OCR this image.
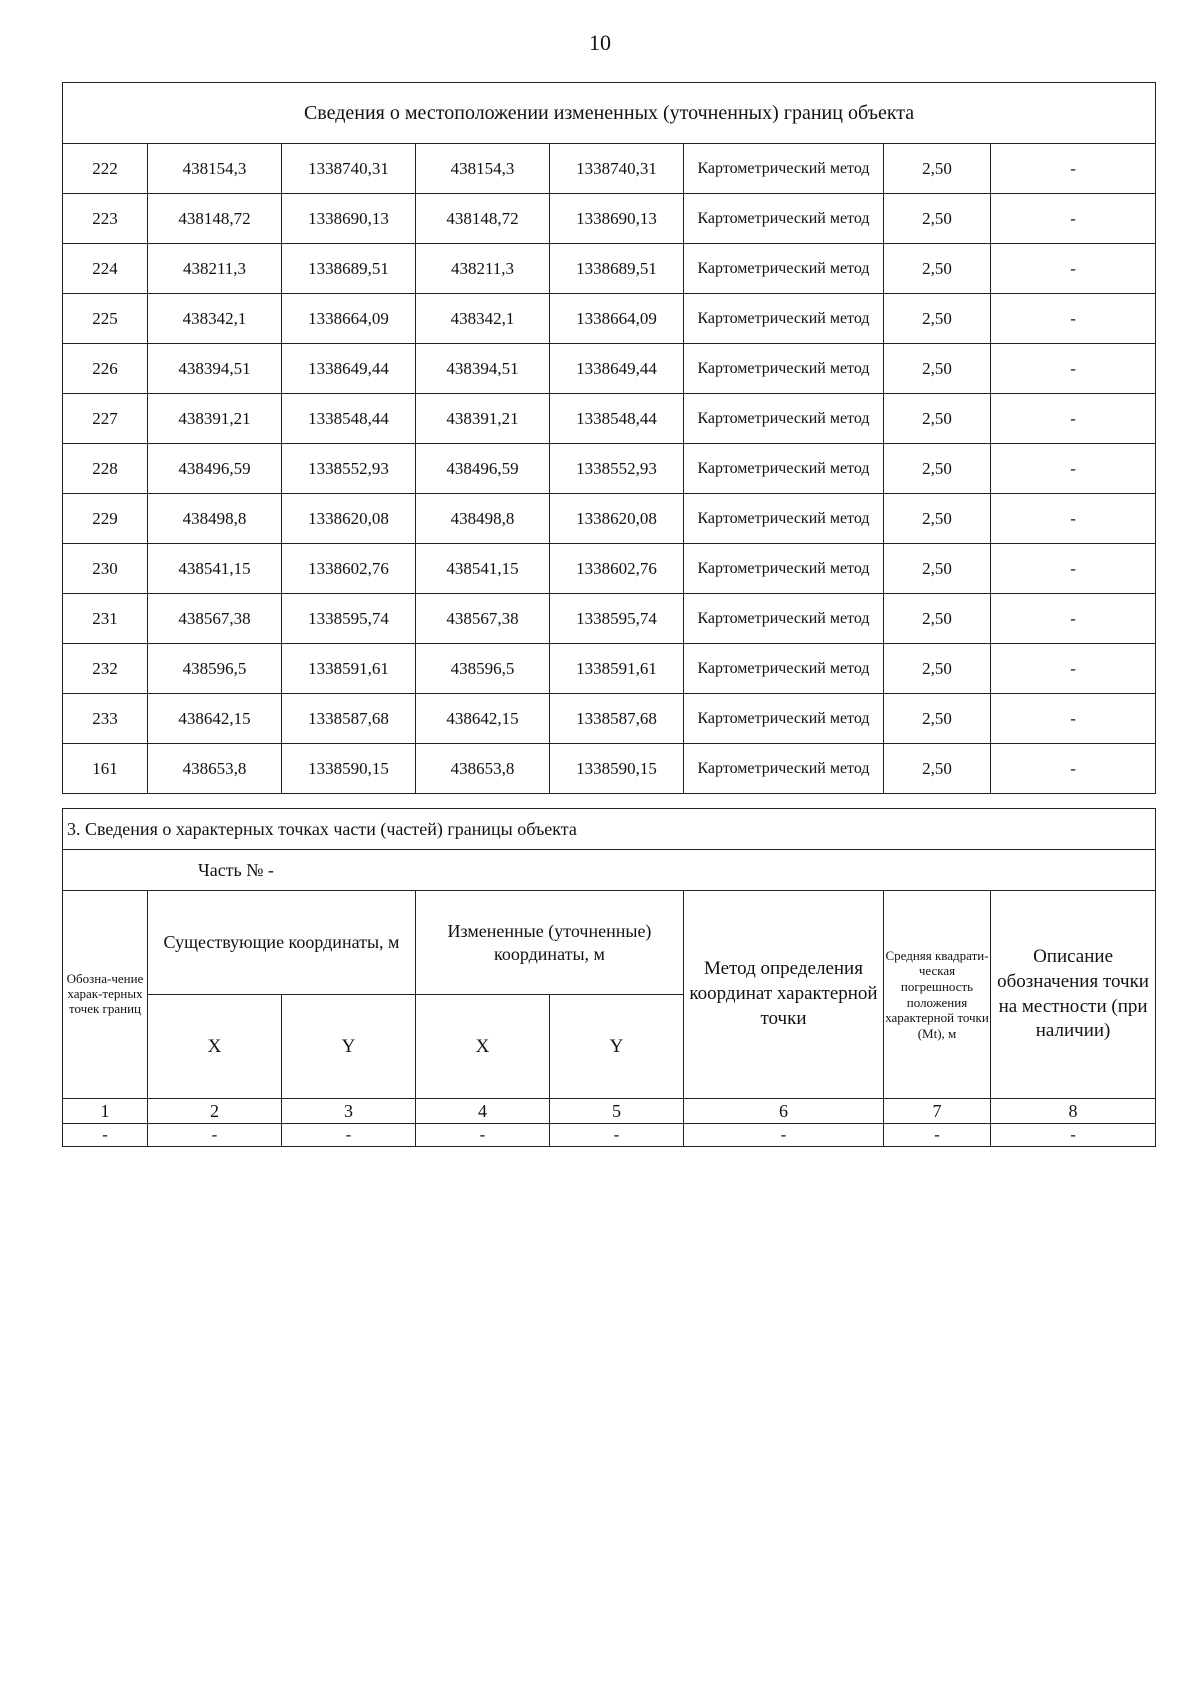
10
Сведения о местоположении измененных (уточненных) границ объекта							
222	438154,3	1338740,31	438154,3	1338740,31	Картометрический метод	2,50	-
223	438148,72	1338690,13	438148,72	1338690,13	Картометрический метод	2,50	-
224	438211,3	1338689,51	438211,3	1338689,51	Картометрический метод	2,50	-
225	438342,1	1338664,09	438342,1	1338664,09	Картометрический метод	2,50	-
226	438394,51	1338649,44	438394,51	1338649,44	Картометрический метод	2,50	-
227	438391,21	1338548,44	438391,21	1338548,44	Картометрический метод	2,50	-
228	438496,59	1338552,93	438496,59	1338552,93	Картометрический метод	2,50	-
229	438498,8	1338620,08	438498,8	1338620,08	Картометрический метод	2,50	-
230	438541,15	1338602,76	438541,15	1338602,76	Картометрический метод	2,50	-
231	438567,38	1338595,74	438567,38	1338595,74	Картометрический метод	2,50	-
232	438596,5	1338591,61	438596,5	1338591,61	Картометрический метод	2,50	-
233	438642,15	1338587,68	438642,15	1338587,68	Картометрический метод	2,50	-
161	438653,8	1338590,15	438653,8	1338590,15	Картометрический метод	2,50	-
3. Сведения о характерных точках части (частей) границы объекта							
Часть № -							
Обозна-чение харак-терных точек границ	Существующие координаты, м		Измененные (уточненные) координаты, м		Метод определения координат характерной точки	Средняя квадрати-ческая погрешность положения характерной точки (Mt), м	Описание обозначения точки на местности (при наличии)
	X	Y	X	Y			
1	2	3	4	5	6	7	8
-	-	-	-	-	-	-	-
